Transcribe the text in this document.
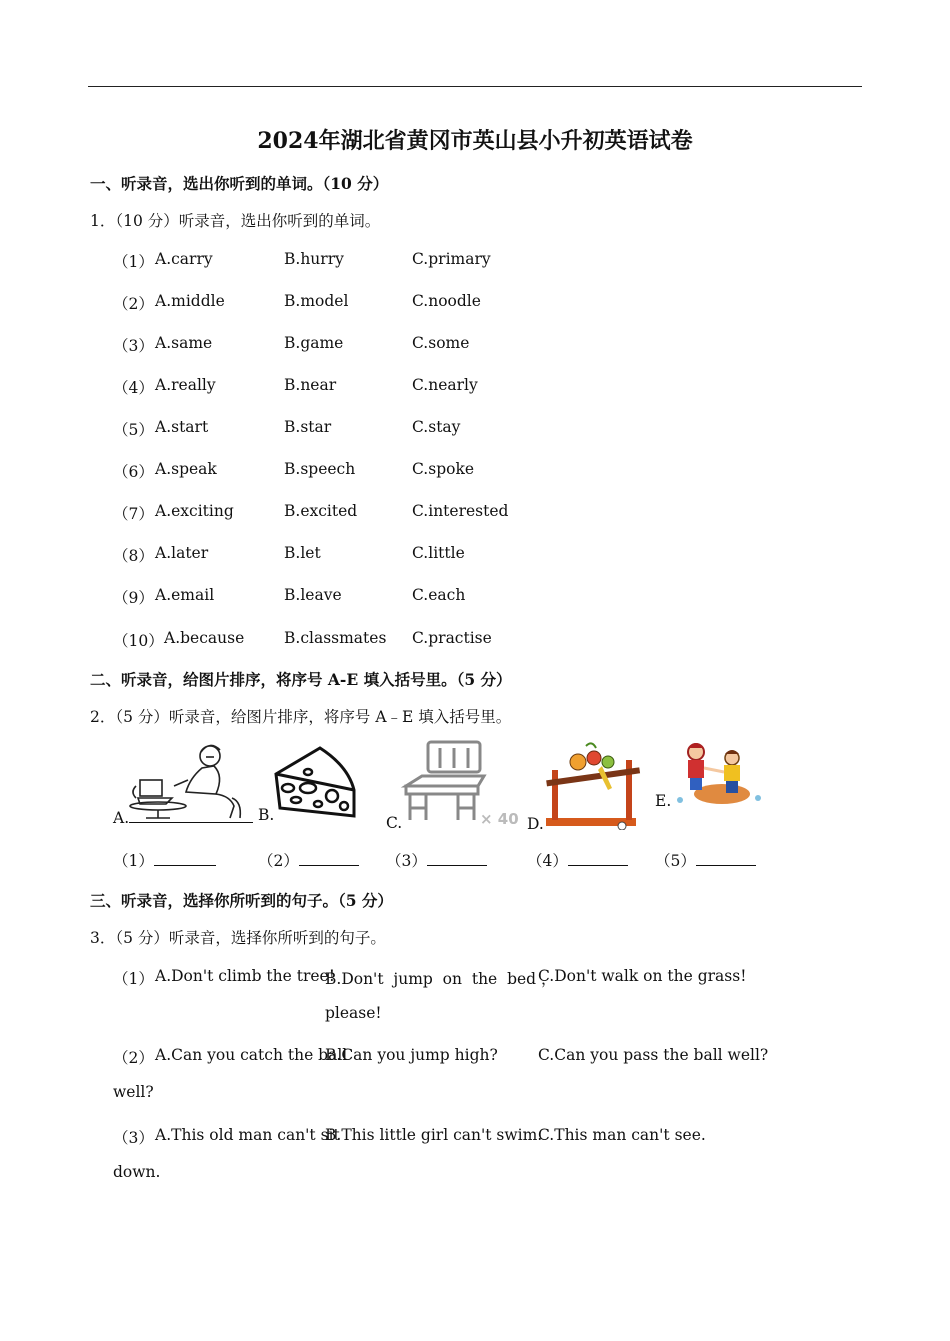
2024年湖北省黄冈市英山县小升初英语试卷
一、听录音，选出你听到的单词。（10 分）
1．（10 分）听录音，选出你听到的单词。
（1） A.carry	B.hurry	C.primary
（2） A.middle	B.model	C.noodle
（3） A.same	B.game	C.some
（4） A.really	B.near	C.nearly
（5） A.start	B.star	C.stay
（6） A.speak	B.speech	C.spoke
（7） A.exciting	B.excited	C.interested
（8） A.later	B.let	C.little
（9） A.email	B.leave	C.each
（10） A.because	B.classmates C.practise
二、听录音，给图片排序，将序号 A-E 填入括号里。（5 分）
2．（5 分）听录音，给图片排序，将序号 A﹣E 填入括号里。
A.	B.	C.	× 40 D.
E.
（1）	（2）	（3）	（4）	（5）
三、听录音，选择你所听到的句子。（5 分）
3．（5 分）听录音，选择你所听到的句子。
（1） A.Don't climb the tree!
B.Don't  jump  on  the  bed ，
please!
C.Don't walk on the grass!
（2） A.Can you catch the ball
well?
B.Can you jump high?	C.Can you pass the ball well?
（3） A.This old man can't sit
down.
B.This little girl can't swim.
C.This man can't see.
